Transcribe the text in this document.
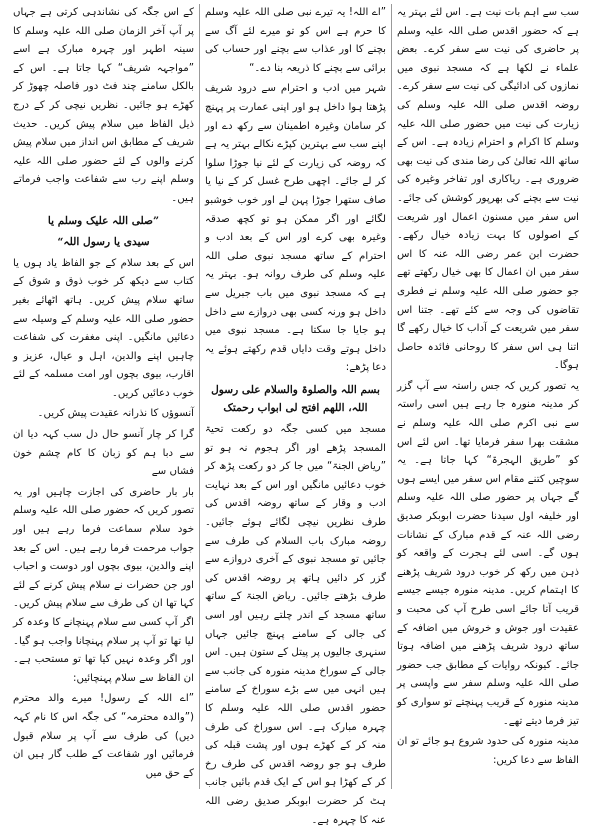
سب سے اہم بات نیت ہے۔ اس لئے بہتر یہ ہے کہ حضور اقدس صلی اللہ علیہ وسلم پر حاضری کی نیت سے سفر کرے۔ بعض علماء نے لکھا ہے کہ مسجد نبوی میں نمازوں کی ادائیگی کی نیت سے سفر کرے۔ روضہ اقدس صلی اللہ علیہ وسلم کی زیارت کی نیت میں حضور صلی اللہ علیہ وسلم کا اکرام و احترام زیادہ ہے۔ اس کے ساتھ اللہ تعالیٰ کی رضا مندی کی نیت بھی ضروری ہے۔ ریاکاری اور تفاخر وغیرہ کی نیت سے بچنے کی بھرپور کوشش کی جائے۔ اس سفر میں مسنون اعمال اور شریعت کے اصولوں کا بہت زیادہ خیال رکھے۔ حضرت ابن عمر رضی اللہ عنہ کا اس سفر میں ان اعمال کا بھی خیال رکھتے تھے جو حضور صلی اللہ علیہ وسلم نے فطری تقاضوں کی وجہ سے کئے تھے۔ جتنا اس سفر میں شریعت کے آداب کا خیال رکھے گا اتنا ہی اس سفر کا روحانی فائدہ حاصل ہوگا۔

یہ تصور کریں کہ جس راستہ سے آپ گزر کر مدینہ منورہ جا رہے ہیں اسی راستہ سے نبی اکرم صلی اللہ علیہ وسلم نے مشقت بھرا سفر فرمایا تھا۔ اس لئے اس کو ”طریق الہجرۃ“ کہا جاتا ہے۔ یہ سوچیں کتنے مقام اس سفر میں ایسے ہوں گے جہاں پر حضور صلی اللہ علیہ وسلم اور خلیفہ اول سیدنا حضرت ابوبکر صدیق رضی اللہ عنہ کے قدم مبارک کے نشانات ہوں گے۔ اسی لئے ہجرت کے واقعہ کو ذہن میں رکھ کر خوب درود شریف پڑھنے کا اہتمام کریں۔ مدینہ منورہ جیسے جیسے قریب آتا جائے اسی طرح آپ کی محبت و عقیدت اور جوش و خروش میں اضافہ کے ساتھ درود شریف پڑھنے میں اضافہ ہوتا جائے۔ کیونکہ روایات کے مطابق جب حضور صلی اللہ علیہ وسلم سفر سے واپسی پر مدینہ منورہ کے قریب پہنچتے تو سواری کو تیز فرما دیتے تھے۔

مدینہ منورہ کی حدود شروع ہو جائے تو ان الفاظ سے دعا کریں:

”اے اللہ! یہ تیرے نبی صلی اللہ علیہ وسلم کا حرم ہے اس کو تو میرے لئے آگ سے بچنے کا اور عذاب سے بچنے اور حساب کی برائی سے بچنے کا ذریعہ بنا دے۔“

شہر میں ادب و احترام سے درود شریف پڑھتا ہوا داخل ہو اور اپنی عمارت پر پہنچ کر سامان وغیرہ اطمینان سے رکھ دے اور اپنے سب سے بہترین کپڑے نکالے بہتر یہ ہے کہ روضہ کی زیارت کے لئے نیا جوڑا سلوا کر لے جائے۔ اچھی طرح غسل کر کے نیا یا صاف ستھرا جوڑا پہن لے اور خوب خوشبو لگائے اور اگر ممکن ہو تو کچھ صدقہ وغیرہ بھی کرے اور اس کے بعد ادب و احترام کے ساتھ مسجد نبوی صلی اللہ علیہ وسلم کی طرف روانہ ہو۔ بہتر یہ ہے کہ مسجد نبوی میں باب جبریل سے داخل ہو ورنہ کسی بھی دروازے سے داخل ہو جایا جا سکتا ہے۔ مسجد نبوی میں داخل ہوتے وقت دایاں قدم رکھتے ہوئے یہ دعا پڑھے:

بسم اللہ والصلوۃ والسلام علی رسول اللہ، اللھم افتح لی ابواب رحمتک

مسجد میں کسی جگہ دو رکعت تحیۃ المسجد پڑھے اور اگر ہجوم نہ ہو تو ”ریاض الجنۃ“ میں جا کر دو رکعت پڑھ کر خوب دعائیں مانگیں اور اس کے بعد نہایت ادب و وقار کے ساتھ روضہ اقدس کی طرف نظریں نیچی لگائے ہوئے جائیں۔ روضہ مبارک باب السلام کی طرف سے جائیں تو مسجد نبوی کے آخری دروازے سے گزر کر دائیں ہاتھ پر روضہ اقدس کی طرف بڑھتے جائیں۔ ریاض الجنۃ کے ساتھ ساتھ مسجد کے اندر چلتے رہیں اور اسی کی جالی کے سامنے پہنچ جائیں جہاں سنہری جالیوں پر پیتل کے ستون ہیں۔ اس جالی کے سوراخ مدینہ منورہ کی جانب سے ہیں انہی میں سے بڑے سوراخ کے سامنے حضور اقدس صلی اللہ علیہ وسلم کا چہرہ مبارک ہے۔ اس سوراخ کی طرف منہ کر کے کھڑے ہوں اور پشت قبلہ کی طرف ہو جو روضہ اقدس کی طرف رخ کر کے کھڑا ہو اس کے ایک قدم بائیں جانب ہٹ کر حضرت ابوبکر صدیق رضی اللہ عنہ کا چہرہ ہے۔

کے اس جگہ کی نشاندہی کرتی ہے جہاں پر آپ آخر الزمان صلی اللہ علیہ وسلم کا سینہ اطہر اور چہرہ مبارک ہے اسے ”مواجہہ شریف“ کہا جاتا ہے۔ اس کے بالکل سامنے چند فٹ دور فاصلہ چھوڑ کر کھڑے ہو جائیں۔ نظریں نیچی کر کے درج ذیل الفاظ میں سلام پیش کریں۔ حدیث شریف کے مطابق اس انداز میں سلام پیش کرنے والوں کے لئے حضور صلی اللہ علیہ وسلم اپنے رب سے شفاعت واجب فرماتے ہیں۔

”صلی اللہ علیک وسلم یا

سیدی یا رسول اللہ“

اس کے بعد سلام کے جو الفاظ یاد ہوں یا کتاب سے دیکھ کر خوب ذوق و شوق کے ساتھ سلام پیش کریں۔ ہاتھ اٹھائے بغیر حضور صلی اللہ علیہ وسلم کے وسیلہ سے دعائیں مانگیں۔ اپنی مغفرت کی شفاعت چاہیں اپنے والدین، اہل و عیال، عزیز و اقارب، بیوی بچوں اور امت مسلمہ کے لئے خوب دعائیں کریں۔

آنسوؤں کا نذرانہ عقیدت پیش کریں۔

گرا کر چار آنسو حال دل سب کہہ دیا ان سے دبا ہم کو زبان کا کام چشم خون فشاں سے

بار بار حاضری کی اجازت چاہیں اور یہ تصور کریں کہ حضور صلی اللہ علیہ وسلم خود سلام سماعت فرما رہے ہیں اور جواب مرحمت فرما رہے ہیں۔ اس کے بعد اپنے والدین، بیوی بچوں اور دوست و احباب اور جن حضرات نے سلام پیش کرنے کے لئے کہا تھا ان کی طرف سے سلام پیش کریں۔ اگر آپ کسی سے سلام پہنچانے کا وعدہ کر لیا تھا تو آپ پر سلام پہنچانا واجب ہو گیا۔ اور اگر وعدہ نہیں کیا تھا تو مستحب ہے۔ ان الفاظ سے سلام پہنچائیں:

”اے اللہ کے رسول! میرے والد محترم (”والدہ محترمہ“ کی جگہ اس کا نام کہہ دیں) کی طرف سے آپ پر سلام قبول فرمائیں اور شفاعت کے طلب گار ہیں ان کے حق میں
